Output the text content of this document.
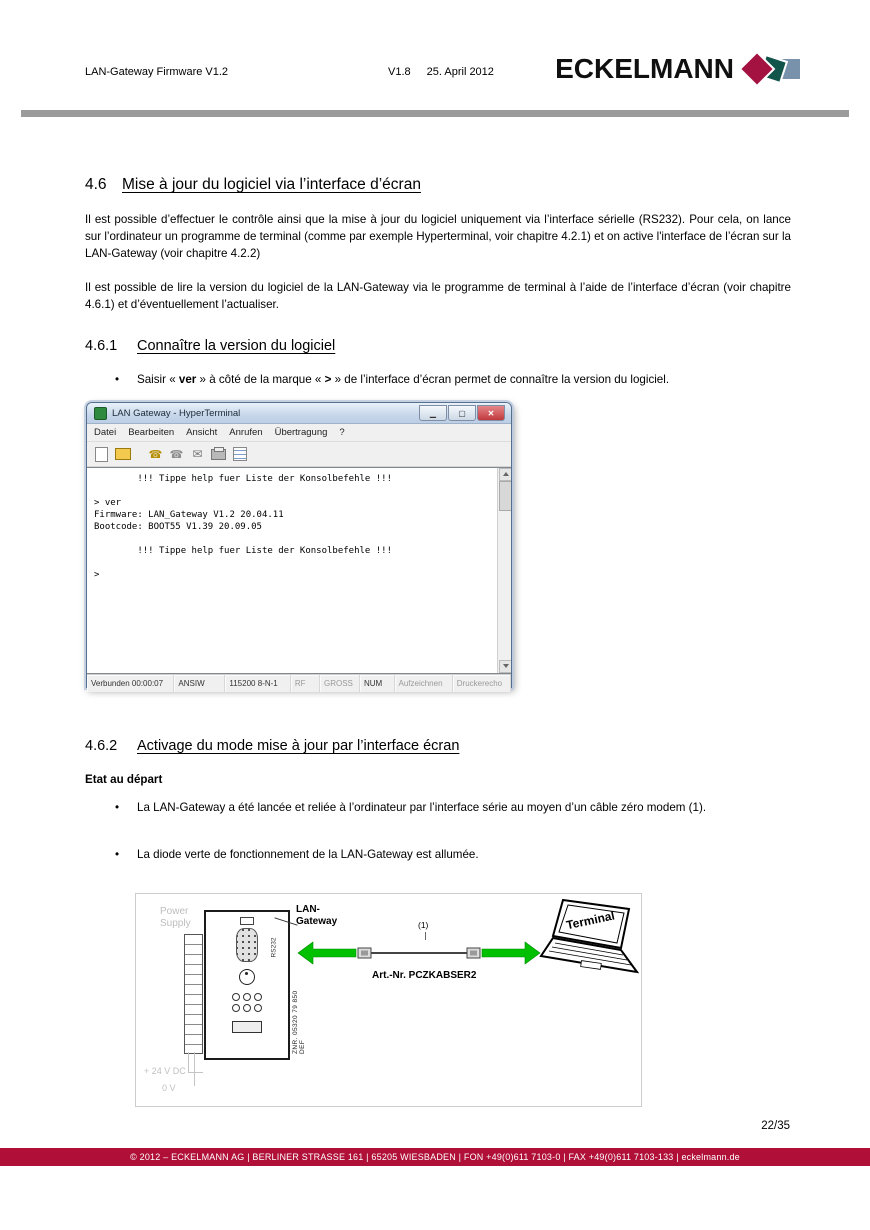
LAN-Gateway Firmware V1.2	V1.8 25. April 2012 ECKELMANN
4.6 Mise à jour du logiciel via l’interface d’écran
Il est possible d’effectuer le contrôle ainsi que la mise à jour du logiciel uniquement via l’interface sérielle (RS232). Pour cela, on lance sur l’ordinateur un programme de terminal (comme par exemple Hyperterminal, voir chapitre 4.2.1) et on active l'interface de l’écran sur la LAN-Gateway (voir chapitre 4.2.2)
Il est possible de lire la version du logiciel de la LAN-Gateway via le programme de terminal à l’aide de l’interface d’écran (voir chapitre 4.6.1) et d’éventuellement l’actualiser.
4.6.1 Connaître la version du logiciel
• Saisir « ver » à côté de la marque « > » de l’interface d’écran permet de connaître la version du logiciel.
LAN Gateway - HyperTerminal	▁	▢	✕
Datei Bearbeiten Ansicht Anrufen Übertragung ?
☎ ☎ ✉
!!! Tippe help fuer Liste der Konsolbefehle !!!

> ver
Firmware: LAN_Gateway V1.2 20.04.11
Bootcode: BOOT55 V1.39 20.09.05

!!! Tippe help fuer Liste der Konsolbefehle !!!

>
Verbunden 00:00:07	ANSIW	115200 8-N-1	RF	GROSS	NUM	Aufzeichnen	Druckerecho
4.6.2 Activage du mode mise à jour par l’interface écran
Etat au départ
• La LAN-Gateway a été lancée et reliée à l’ordinateur par l’interface série au moyen d’un câble zéro modem (1).
• La diode verte de fonctionnement de la LAN-Gateway est allumée.
Power
Supply
RS232
LAN-
Gateway	(1)
Art.-Nr. PCZKABSER2
Terminal
ZNR. 05320 79 850 DEF
+ 24 V DC
0 V
22/35
© 2012 – ECKELMANN AG | BERLINER STRASSE 161 | 65205 WIESBADEN | FON +49(0)611 7103-0 | FAX +49(0)611 7103-133 | eckelmann.de
